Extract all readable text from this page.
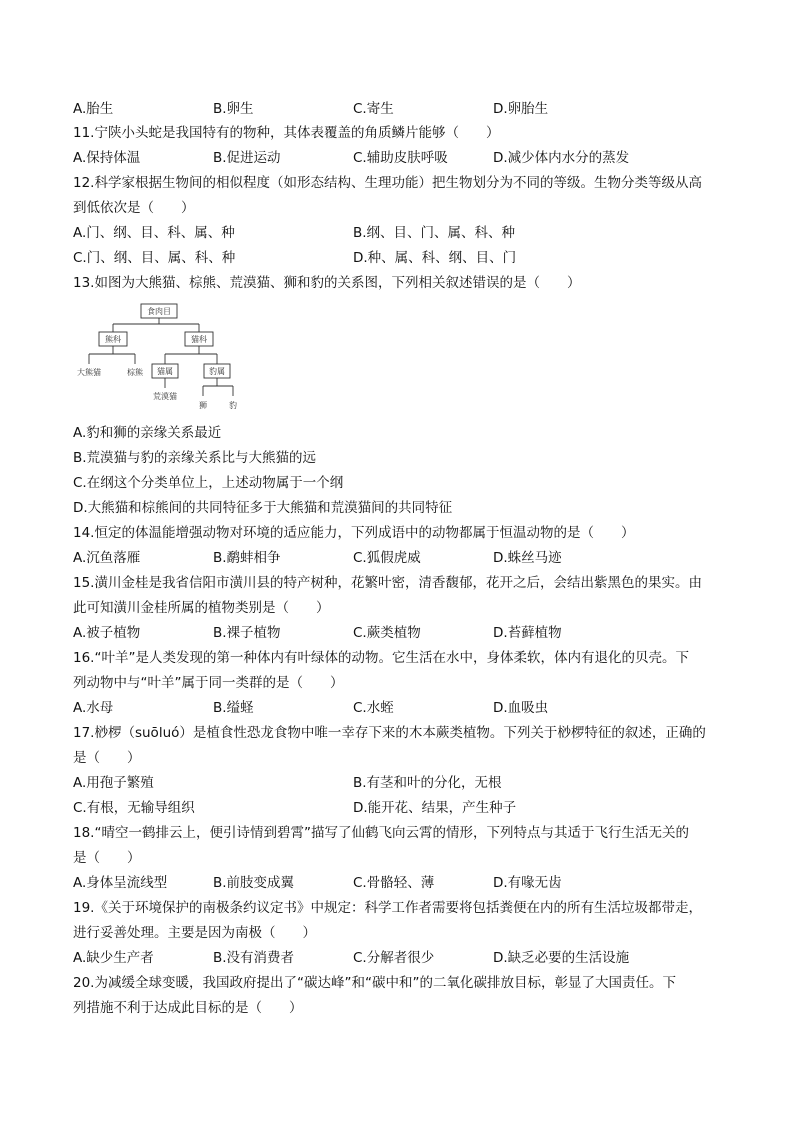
A.胎生	B.卵生	C.寄生	D.卵胎生
11.宁陕小头蛇是我国特有的物种，其体表覆盖的角质鳞片能够（　　）
A.保持体温	B.促进运动	C.辅助皮肤呼吸	D.减少体内水分的蒸发
12.科学家根据生物间的相似程度（如形态结构、生理功能）把生物划分为不同的等级。生物分类等级从高
到低依次是（　　）
A.门、纲、目、科、属、种	B.纲、目、门、属、科、种
C.门、纲、目、属、科、种	D.种、属、科、纲、目、门
13.如图为大熊猫、棕熊、荒漠猫、狮和豹的关系图，下列相关叙述错误的是（　　）
食肉目
熊科	猫科
大熊猫	棕熊 猫属	豹属
荒漠猫
狮	豹
A.豹和狮的亲缘关系最近
B.荒漠猫与豹的亲缘关系比与大熊猫的远
C.在纲这个分类单位上，上述动物属于一个纲
D.大熊猫和棕熊间的共同特征多于大熊猫和荒漠猫间的共同特征
14.恒定的体温能增强动物对环境的适应能力，下列成语中的动物都属于恒温动物的是（　　）
A.沉鱼落雁	B.鹬蚌相争	C.狐假虎威	D.蛛丝马迹
15.潢川金桂是我省信阳市潢川县的特产树种，花繁叶密，清香馥郁，花开之后，会结出紫黑色的果实。由
此可知潢川金桂所属的植物类别是（　　）
A.被子植物	B.裸子植物	C.蕨类植物	D.苔藓植物
16.“叶羊”是人类发现的第一种体内有叶绿体的动物。它生活在水中，身体柔软，体内有退化的贝壳。下
列动物中与“叶羊”属于同一类群的是（　　）
A.水母	B.缢蛏	C.水蛭	D.血吸虫
17.桫椤（suōluó）是植食性恐龙食物中唯一幸存下来的木本蕨类植物。下列关于桫椤特征的叙述，正确的
是（　　）
A.用孢子繁殖	B.有茎和叶的分化，无根
C.有根，无输导组织	D.能开花、结果，产生种子
18.“晴空一鹤排云上，便引诗情到碧霄”描写了仙鹤飞向云霄的情形，下列特点与其适于飞行生活无关的
是（　　）
A.身体呈流线型	B.前肢变成翼	C.骨骼轻、薄	D.有喙无齿
19.《关于环境保护的南极条约议定书》中规定：科学工作者需要将包括粪便在内的所有生活垃圾都带走，
进行妥善处理。主要是因为南极（　　）
A.缺少生产者	B.没有消费者	C.分解者很少	D.缺乏必要的生活设施
20.为减缓全球变暖，我国政府提出了“碳达峰”和“碳中和”的二氧化碳排放目标，彰显了大国责任。下
列措施不利于达成此目标的是（　　）
